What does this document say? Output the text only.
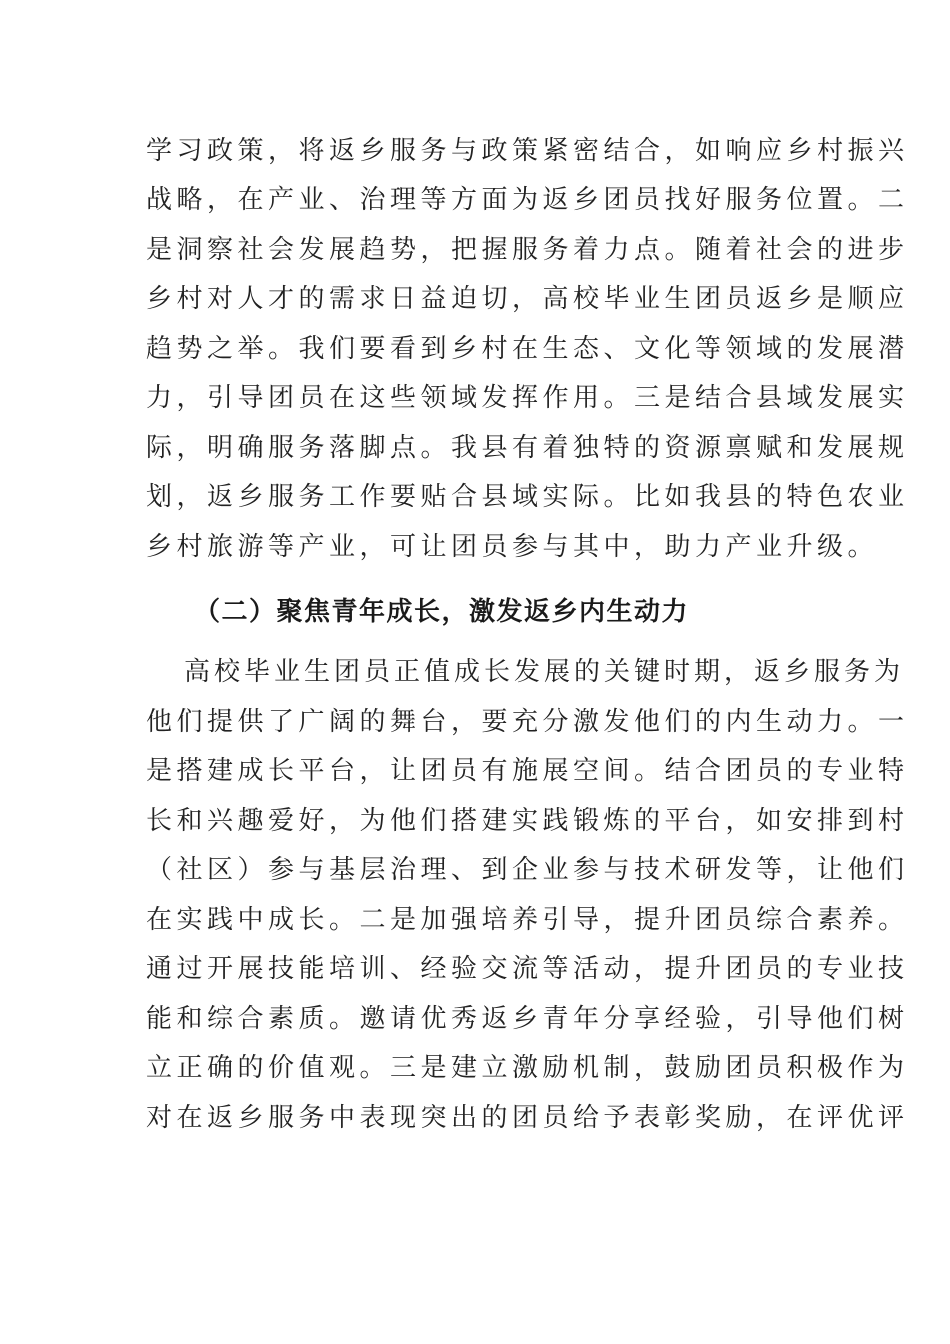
学习政策，将返乡服务与政策紧密结合，如响应乡村振兴
战略，在产业、治理等方面为返乡团员找好服务位置。二
是洞察社会发展趋势，把握服务着力点。随着社会的进步
乡村对人才的需求日益迫切，高校毕业生团员返乡是顺应
趋势之举。我们要看到乡村在生态、文化等领域的发展潜
力，引导团员在这些领域发挥作用。三是结合县域发展实
际，明确服务落脚点。我县有着独特的资源禀赋和发展规
划，返乡服务工作要贴合县域实际。比如我县的特色农业
乡村旅游等产业，可让团员参与其中，助力产业升级。
（二）聚焦青年成长，激发返乡内生动力
高校毕业生团员正值成长发展的关键时期，返乡服务为
他们提供了广阔的舞台，要充分激发他们的内生动力。一
是搭建成长平台，让团员有施展空间。结合团员的专业特
长和兴趣爱好，为他们搭建实践锻炼的平台，如安排到村
（社区）参与基层治理、到企业参与技术研发等，让他们
在实践中成长。二是加强培养引导，提升团员综合素养。
通过开展技能培训、经验交流等活动，提升团员的专业技
能和综合素质。邀请优秀返乡青年分享经验，引导他们树
立正确的价值观。三是建立激励机制，鼓励团员积极作为
对在返乡服务中表现突出的团员给予表彰奖励，在评优评
